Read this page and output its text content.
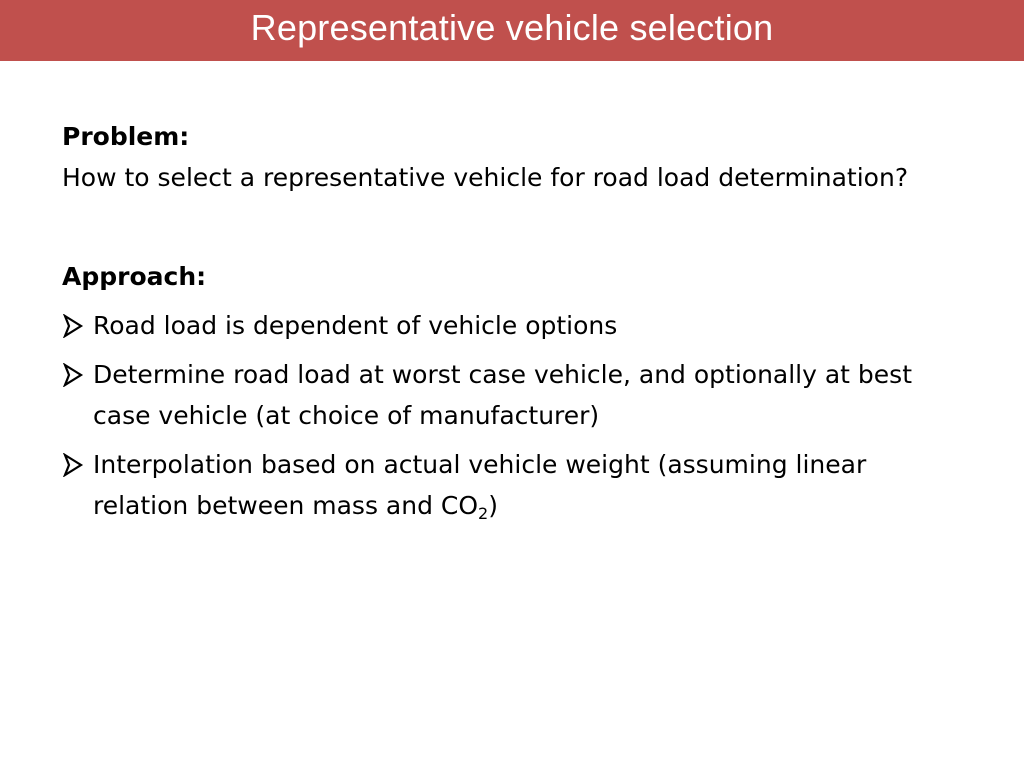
Representative vehicle selection
Problem:

How to select a representative vehicle for road load determination?

Approach:
Road load is dependent of vehicle options
Determine road load at worst case vehicle, and optionally at best case vehicle (at choice of manufacturer)
Interpolation based on actual vehicle weight (assuming linear relation between mass and $CO_2$)
